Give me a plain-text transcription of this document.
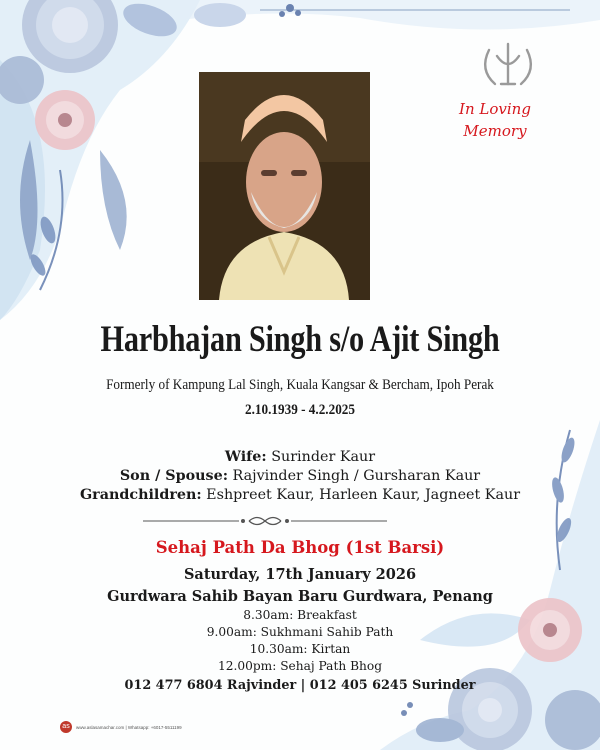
In Loving
Memory
Harbhajan Singh s/o Ajit Singh
Formerly of Kampung Lal Singh, Kuala Kangsar & Bercham, Ipoh Perak
2.10.1939 - 4.2.2025
Wife: Surinder Kaur
Son / Spouse: Rajvinder Singh / Gursharan Kaur
Grandchildren: Eshpreet Kaur, Harleen Kaur, Jagneet Kaur
Sehaj Path Da Bhog (1st Barsi)
Saturday, 17th January 2026
Gurdwara Sahib Bayan Baru Gurdwara, Penang
8.30am: Breakfast
9.00am: Sukhmani Sahib Path
10.30am: Kirtan
12.00pm: Sehaj Path Bhog
012 477 6804 Rajvinder | 012 405 6245 Surinder
as	www.aslasamachar.com | Whatsapp: +6017-5511199
